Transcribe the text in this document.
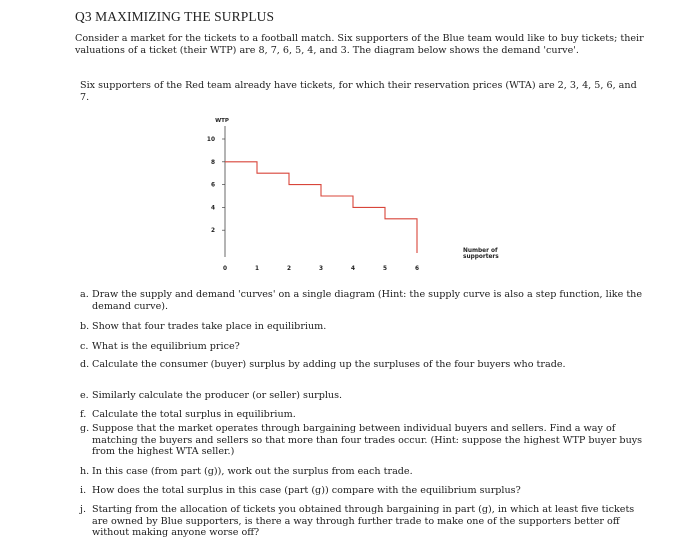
Q3 MAXIMIZING THE SURPLUS
Consider a market for the tickets to a football match. Six supporters of the Blue team would like to buy tickets; their valuations of a ticket (their WTP) are 8, 7, 6, 5, 4, and 3. The diagram below shows the demand 'curve'.
Six supporters of the Red team already have tickets, for which their reservation prices (WTA) are 2, 3, 4, 5, 6, and 7.
WTP
Number of
supporters
2
4
6
8
10
0	1	2	3	4	5	6
a. Draw the supply and demand 'curves' on a single diagram (Hint: the supply curve is also a step function, like the demand curve).
b. Show that four trades take place in equilibrium.
c. What is the equilibrium price?
d. Calculate the consumer (buyer) surplus by adding up the surpluses of the four buyers who trade.
e. Similarly calculate the producer (or seller) surplus.
f. Calculate the total surplus in equilibrium.
g. Suppose that the market operates through bargaining between individual buyers and sellers. Find a way of matching the buyers and sellers so that more than four trades occur. (Hint: suppose the highest WTP buyer buys from the highest WTA seller.)
h. In this case (from part (g)), work out the surplus from each trade.
i. How does the total surplus in this case (part (g)) compare with the equilibrium surplus?
j. Starting from the allocation of tickets you obtained through bargaining in part (g), in which at least five tickets are owned by Blue supporters, is there a way through further trade to make one of the supporters better off without making anyone worse off?
